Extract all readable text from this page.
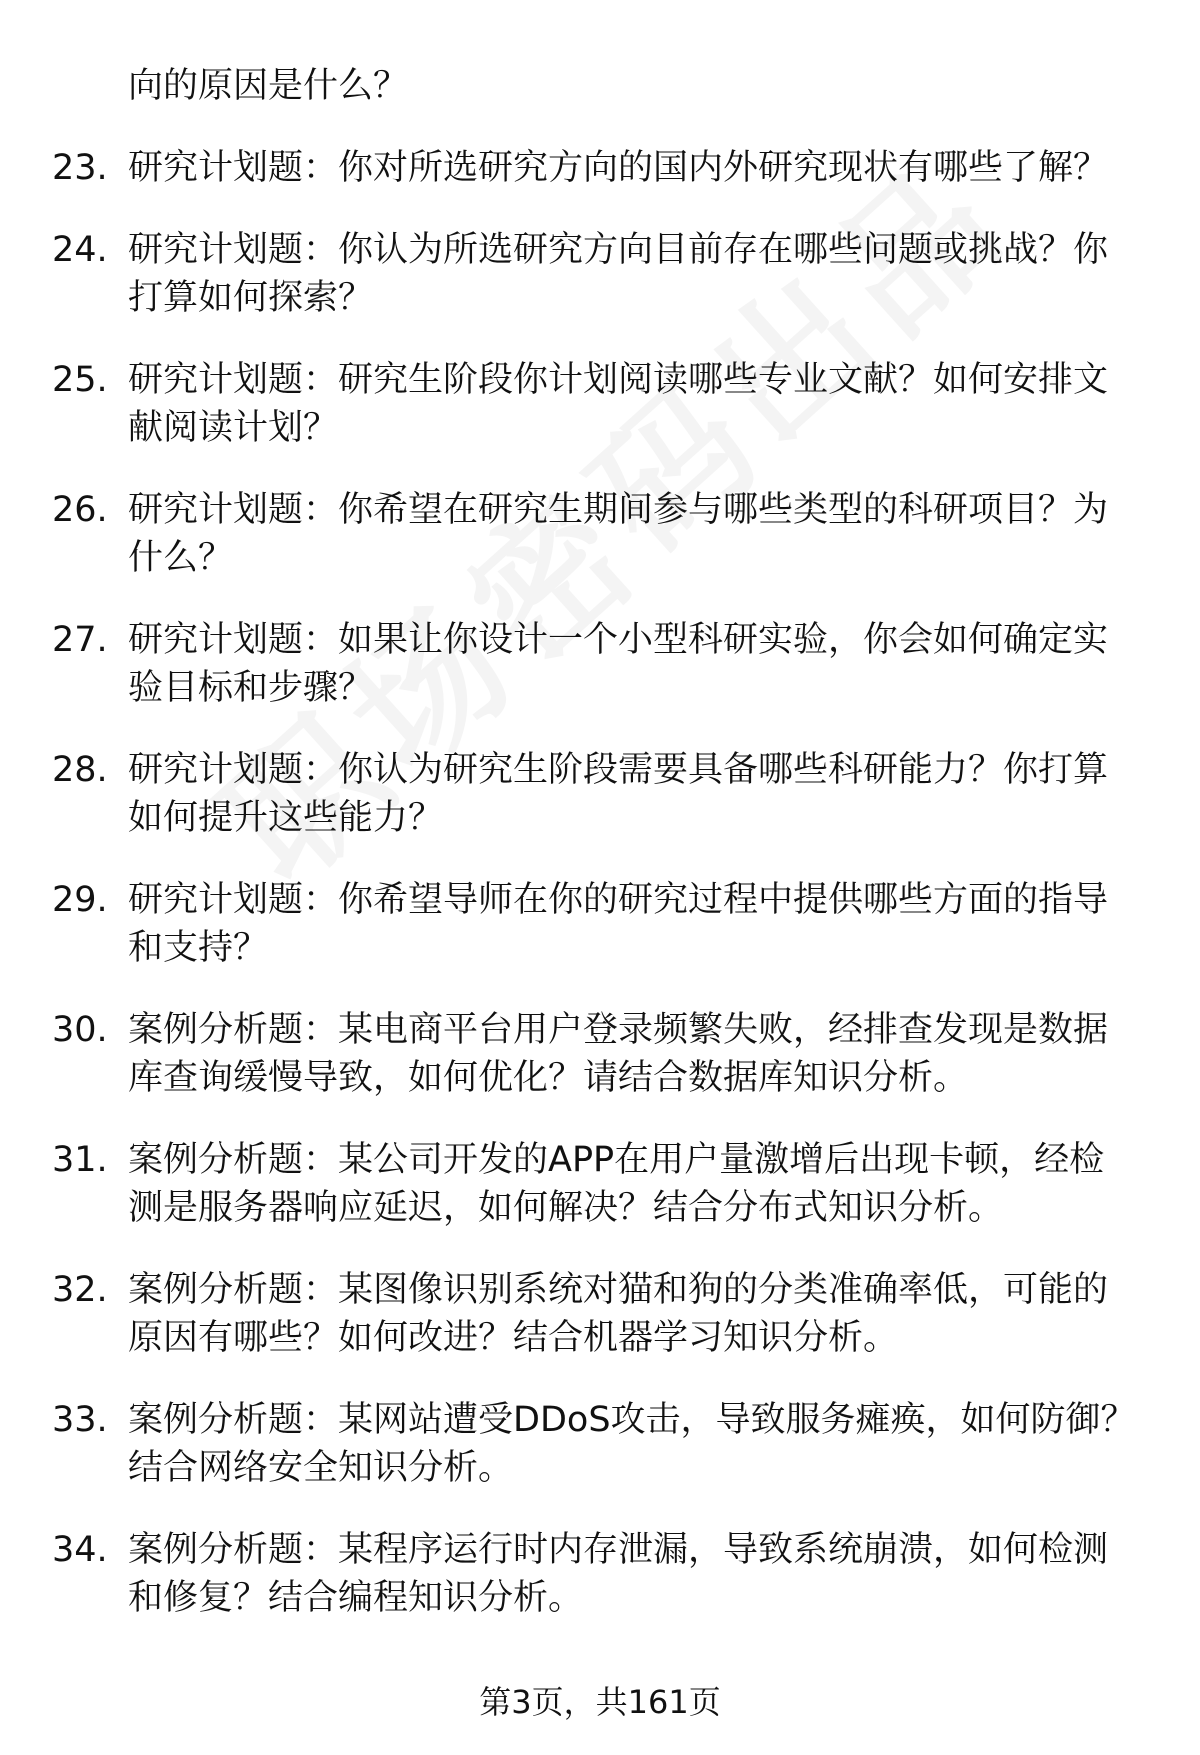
向的原因是什么？

23. 研究计划题：你对所选研究方向的国内外研究现状有哪些了解？
24. 研究计划题：你认为所选研究方向目前存在哪些问题或挑战？你打算如何探索？
25. 研究计划题：研究生阶段你计划阅读哪些专业文献？如何安排文献阅读计划？
26. 研究计划题：你希望在研究生期间参与哪些类型的科研项目？为什么？
27. 研究计划题：如果让你设计一个小型科研实验，你会如何确定实验目标和步骤？
28. 研究计划题：你认为研究生阶段需要具备哪些科研能力？你打算如何提升这些能力？
29. 研究计划题：你希望导师在你的研究过程中提供哪些方面的指导和支持？
30. 案例分析题：某电商平台用户登录频繁失败，经排查发现是数据库查询缓慢导致，如何优化？请结合数据库知识分析。
31. 案例分析题：某公司开发的APP在用户量激增后出现卡顿，经检测是服务器响应延迟，如何解决？结合分布式知识分析。
32. 案例分析题：某图像识别系统对猫和狗的分类准确率低，可能的原因有哪些？如何改进？结合机器学习知识分析。
33. 案例分析题：某网站遭受DDoS攻击，导致服务瘫痪，如何防御？结合网络安全知识分析。
34. 案例分析题：某程序运行时内存泄漏，导致系统崩溃，如何检测和修复？结合编程知识分析。
第3页，共161页
